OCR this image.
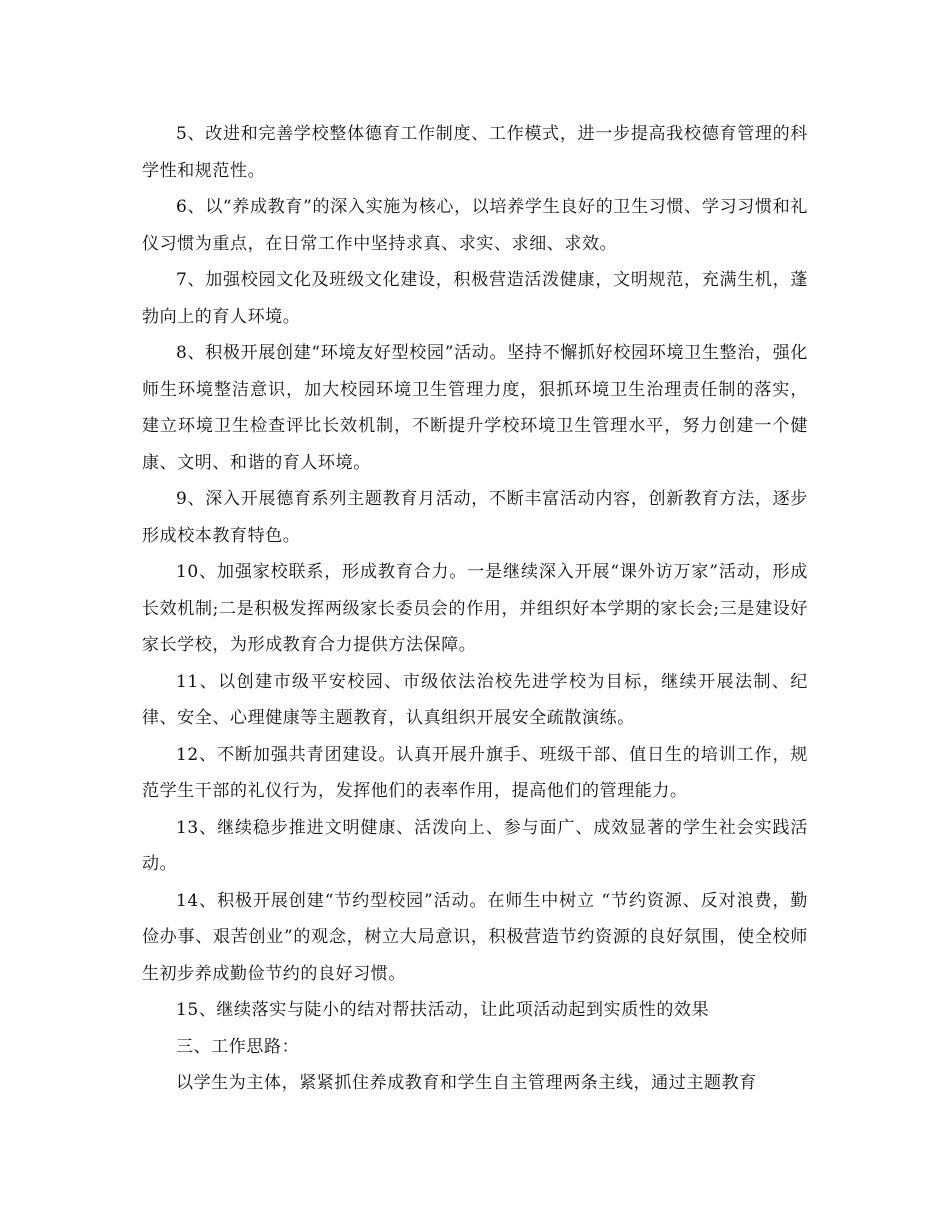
5、改进和完善学校整体德育工作制度、工作模式，进一步提高我校德育管理的科学性和规范性。

6、以“养成教育”的深入实施为核心，以培养学生良好的卫生习惯、学习习惯和礼仪习惯为重点，在日常工作中坚持求真、求实、求细、求效。

7、加强校园文化及班级文化建设，积极营造活泼健康，文明规范，充满生机，蓬勃向上的育人环境。

8、积极开展创建“环境友好型校园”活动。坚持不懈抓好校园环境卫生整治，强化师生环境整洁意识，加大校园环境卫生管理力度，狠抓环境卫生治理责任制的落实，建立环境卫生检查评比长效机制，不断提升学校环境卫生管理水平，努力创建一个健康、文明、和谐的育人环境。

9、深入开展德育系列主题教育月活动，不断丰富活动内容，创新教育方法，逐步形成校本教育特色。

10、加强家校联系，形成教育合力。一是继续深入开展“课外访万家”活动，形成长效机制;二是积极发挥两级家长委员会的作用，并组织好本学期的家长会;三是建设好家长学校，为形成教育合力提供方法保障。

11、以创建市级平安校园、市级依法治校先进学校为目标，继续开展法制、纪律、安全、心理健康等主题教育，认真组织开展安全疏散演练。

12、不断加强共青团建设。认真开展升旗手、班级干部、值日生的培训工作，规范学生干部的礼仪行为，发挥他们的表率作用，提高他们的管理能力。

13、继续稳步推进文明健康、活泼向上、参与面广、成效显著的学生社会实践活动。

14、积极开展创建“节约型校园”活动。在师生中树立 “节约资源、反对浪费，勤俭办事、艰苦创业”的观念，树立大局意识，积极营造节约资源的良好氛围，使全校师生初步养成勤俭节约的良好习惯。

15、继续落实与陡小的结对帮扶活动，让此项活动起到实质性的效果

三、工作思路：

以学生为主体，紧紧抓住养成教育和学生自主管理两条主线，通过主题教育
